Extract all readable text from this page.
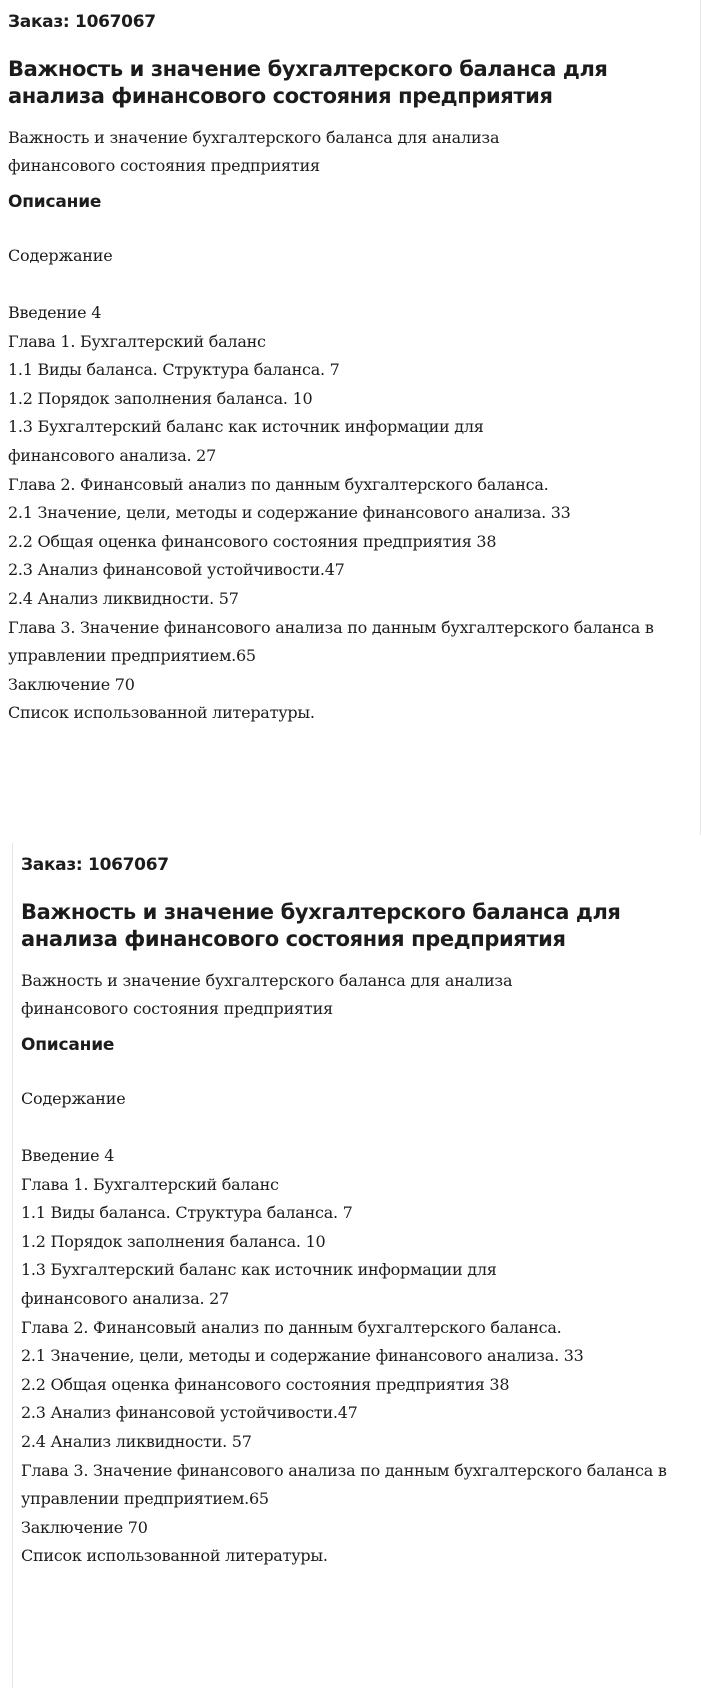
Заказ: 1067067
Важность и значение бухгалтерского баланса для анализа финансового состояния предприятия
Важность и значение бухгалтерского баланса для анализа финансового состояния предприятия
Описание
Содержание
Введение 4
Глава 1. Бухгалтерский баланс
1.1 Виды баланса. Структура баланса. 7
1.2 Порядок заполнения баланса. 10
1.3 Бухгалтерский баланс как источник информации для финансового анализа. 27
Глава 2. Финансовый анализ по данным бухгалтерского баланса.
2.1 Значение, цели, методы и содержание финансового анализа. 33
2.2 Общая оценка финансового состояния предприятия 38
2.3 Анализ финансовой устойчивости.47
2.4 Анализ ликвидности. 57
Глава 3. Значение финансового анализа по данным бухгалтерского баланса в управлении предприятием.65
Заключение 70
Список использованной литературы.
Заказ: 1067067
Важность и значение бухгалтерского баланса для анализа финансового состояния предприятия
Важность и значение бухгалтерского баланса для анализа финансового состояния предприятия
Описание
Содержание
Введение 4
Глава 1. Бухгалтерский баланс
1.1 Виды баланса. Структура баланса. 7
1.2 Порядок заполнения баланса. 10
1.3 Бухгалтерский баланс как источник информации для финансового анализа. 27
Глава 2. Финансовый анализ по данным бухгалтерского баланса.
2.1 Значение, цели, методы и содержание финансового анализа. 33
2.2 Общая оценка финансового состояния предприятия 38
2.3 Анализ финансовой устойчивости.47
2.4 Анализ ликвидности. 57
Глава 3. Значение финансового анализа по данным бухгалтерского баланса в управлении предприятием.65
Заключение 70
Список использованной литературы.
